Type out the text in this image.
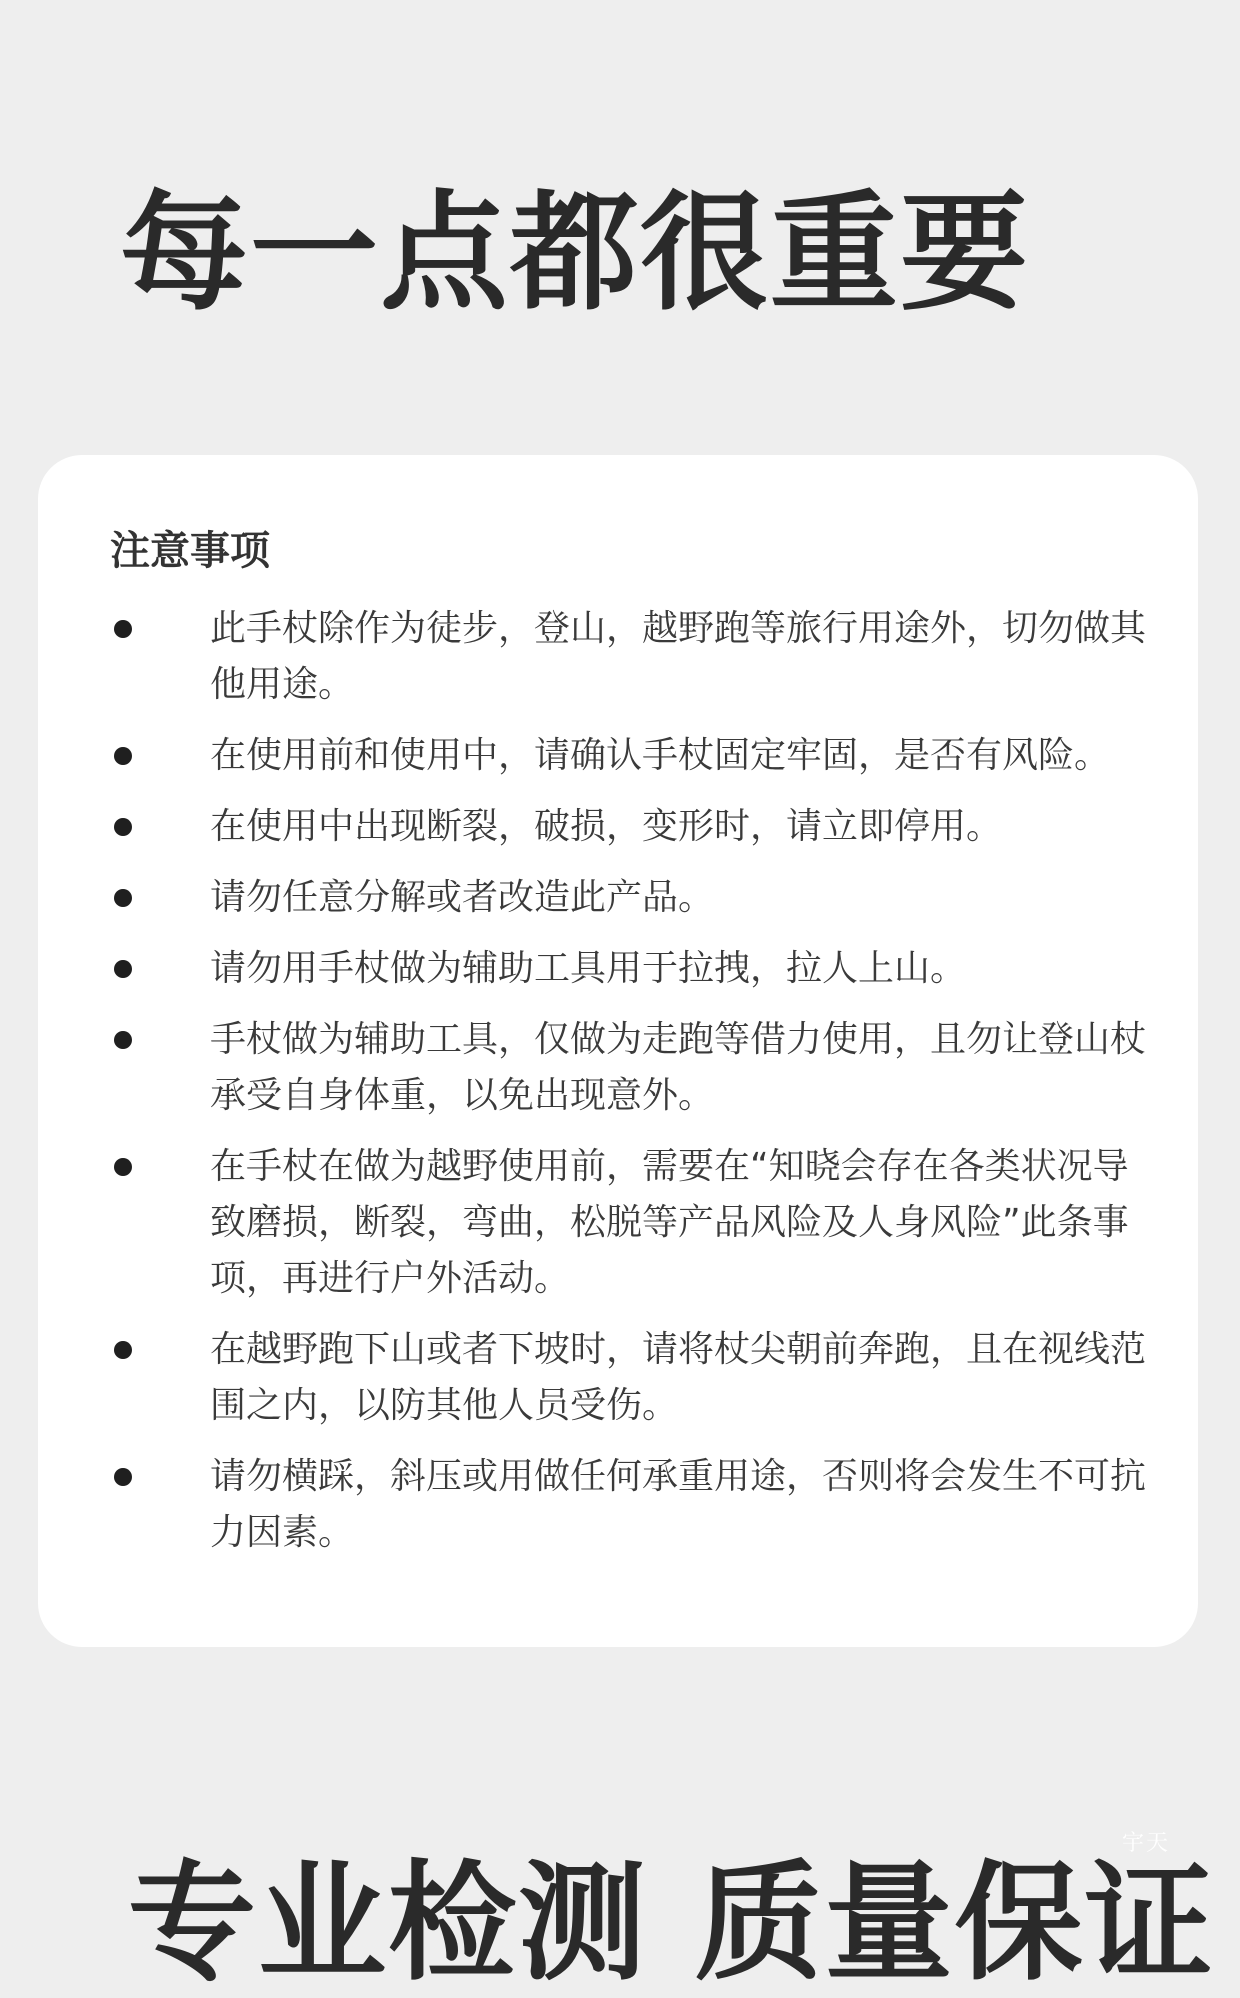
每一点都很重要
注意事项
此手杖除作为徒步，登山，越野跑等旅行用途外，切勿做其他用途。
在使用前和使用中，请确认手杖固定牢固，是否有风险。
在使用中出现断裂，破损，变形时，请立即停用。
请勿任意分解或者改造此产品。
请勿用手杖做为辅助工具用于拉拽，拉人上山。
手杖做为辅助工具，仅做为走跑等借力使用，且勿让登山杖承受自身体重，以免出现意外。
在手杖在做为越野使用前，需要在“知晓会存在各类状况导致磨损，断裂，弯曲，松脱等产品风险及人身风险”此条事项，再进行户外活动。
在越野跑下山或者下坡时，请将杖尖朝前奔跑，且在视线范围之内，以防其他人员受伤。
请勿横踩，斜压或用做任何承重用途，否则将会发生不可抗力因素。
宇天
专业检测 质量保证
